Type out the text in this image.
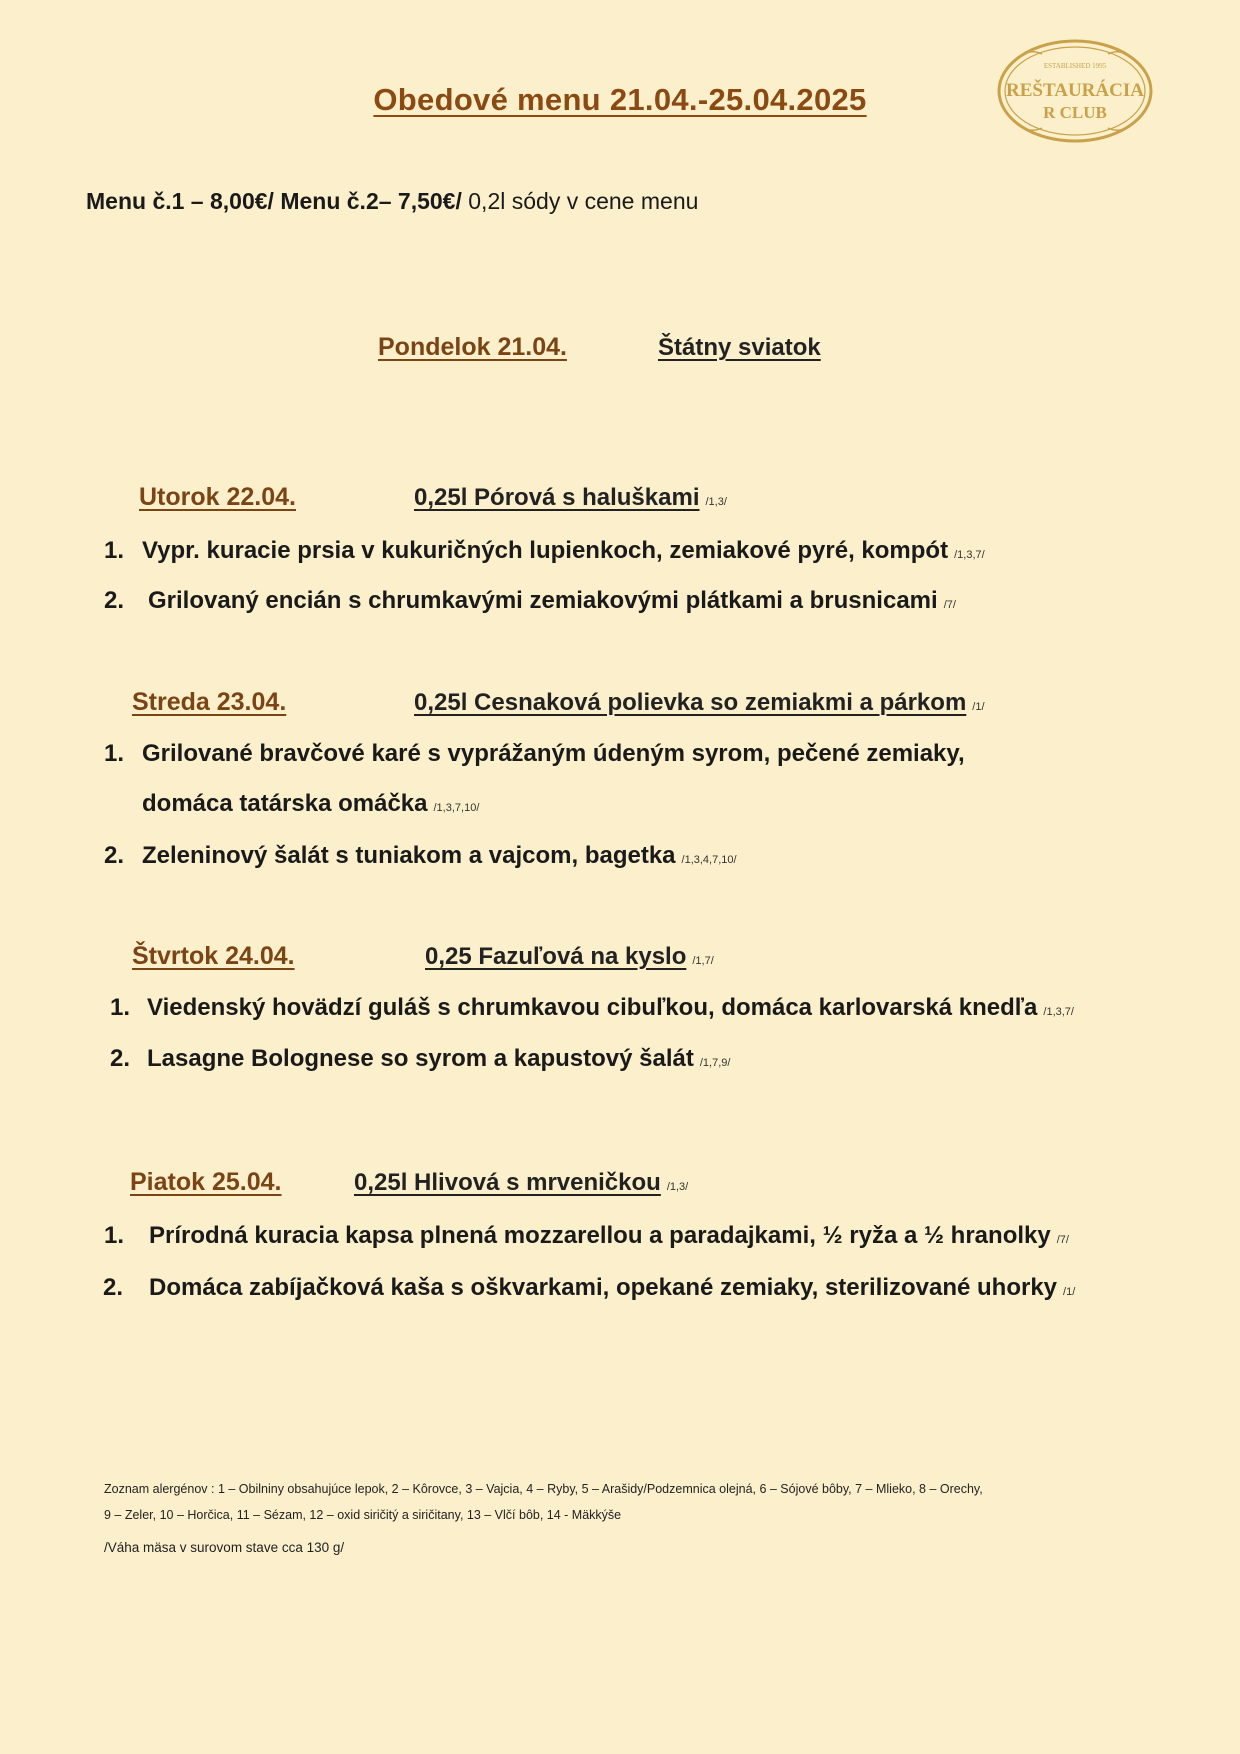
Obedové menu 21.04.-25.04.2025
ESTABLISHED 1995
REŠTAURÁCIA
R CLUB
Menu č.1 – 8,00€/ Menu č.2– 7,50€/ 0,2l sódy v cene menu
Pondelok 21.04.	Štátny sviatok
Utorok 22.04.	0,25l Pórová s haluškami /1,3/
1. Vypr. kuracie prsia v kukuričných lupienkoch, zemiakové pyré, kompót /1,3,7/
2. Grilovaný encián s chrumkavými zemiakovými plátkami a brusnicami /7/
Streda 23.04.	0,25l Cesnaková polievka so zemiakmi a párkom /1/
1. Grilované bravčové karé s vyprážaným údeným syrom, pečené zemiaky,
domáca tatárska omáčka /1,3,7,10/
2. Zeleninový šalát s tuniakom a vajcom, bagetka /1,3,4,7,10/
Štvrtok 24.04.	0,25 Fazuľová na kyslo /1,7/
1. Viedenský hovädzí guláš s chrumkavou cibuľkou, domáca karlovarská knedľa /1,3,7/
2. Lasagne Bolognese so syrom a kapustový šalát /1,7,9/
Piatok 25.04.	0,25l Hlivová s mrveničkou /1,3/
1. Prírodná kuracia kapsa plnená mozzarellou a paradajkami, ½ ryža a ½ hranolky /7/
2. Domáca zabíjačková kaša s oškvarkami, opekané zemiaky, sterilizované uhorky /1/
Zoznam alergénov : 1 – Obilniny obsahujúce lepok, 2 – Kôrovce, 3 – Vajcia, 4 – Ryby, 5 – Arašidy/Podzemnica olejná, 6 – Sójové bôby, 7 – Mlieko, 8 – Orechy,
9 – Zeler, 10 – Horčica, 11 – Sézam, 12 – oxid siričitý a siričitany, 13 – Vlčí bôb, 14 - Mäkkýše
/Váha mäsa v surovom stave cca 130 g/
